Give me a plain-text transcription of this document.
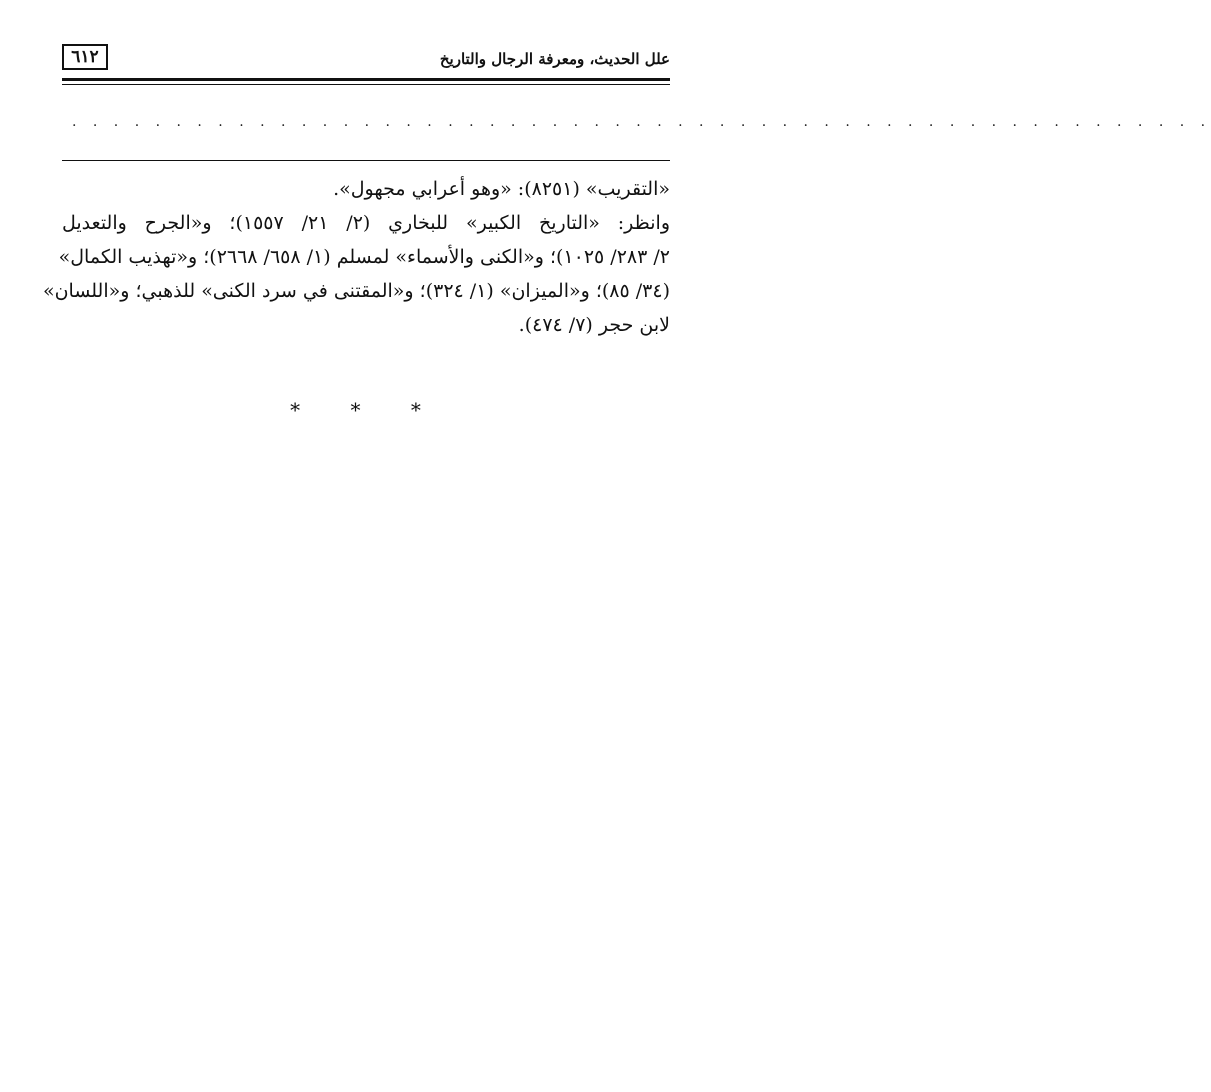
٦١٢	علل الحديث، ومعرفة الرجال والتاريخ
. . . . . . . . . . . . . . . . . . . . . . . . . . . . . . . . . . . . . . . . . . . . . . . . . . . . . . .
«التقريب» (٨٢٥١): «وهو أعرابي مجهول».
وانظر: «التاريخ الكبير» للبخاري (٢/ ٢١/ ١٥٥٧)؛ و«الجرح والتعديل
٢/ ٢٨٣/ ١٠٢٥)؛ و«الكنى والأسماء» لمسلم (١/ ٦٥٨/ ٢٦٦٨)؛ و«تهذيب الكمال»
(٣٤/ ٨٥)؛ و«الميزان» (١/ ٣٢٤)؛ و«المقتنى في سرد الكنى» للذهبي؛ و«اللسان»
لابن حجر (٧/ ٤٧٤).
* * *
